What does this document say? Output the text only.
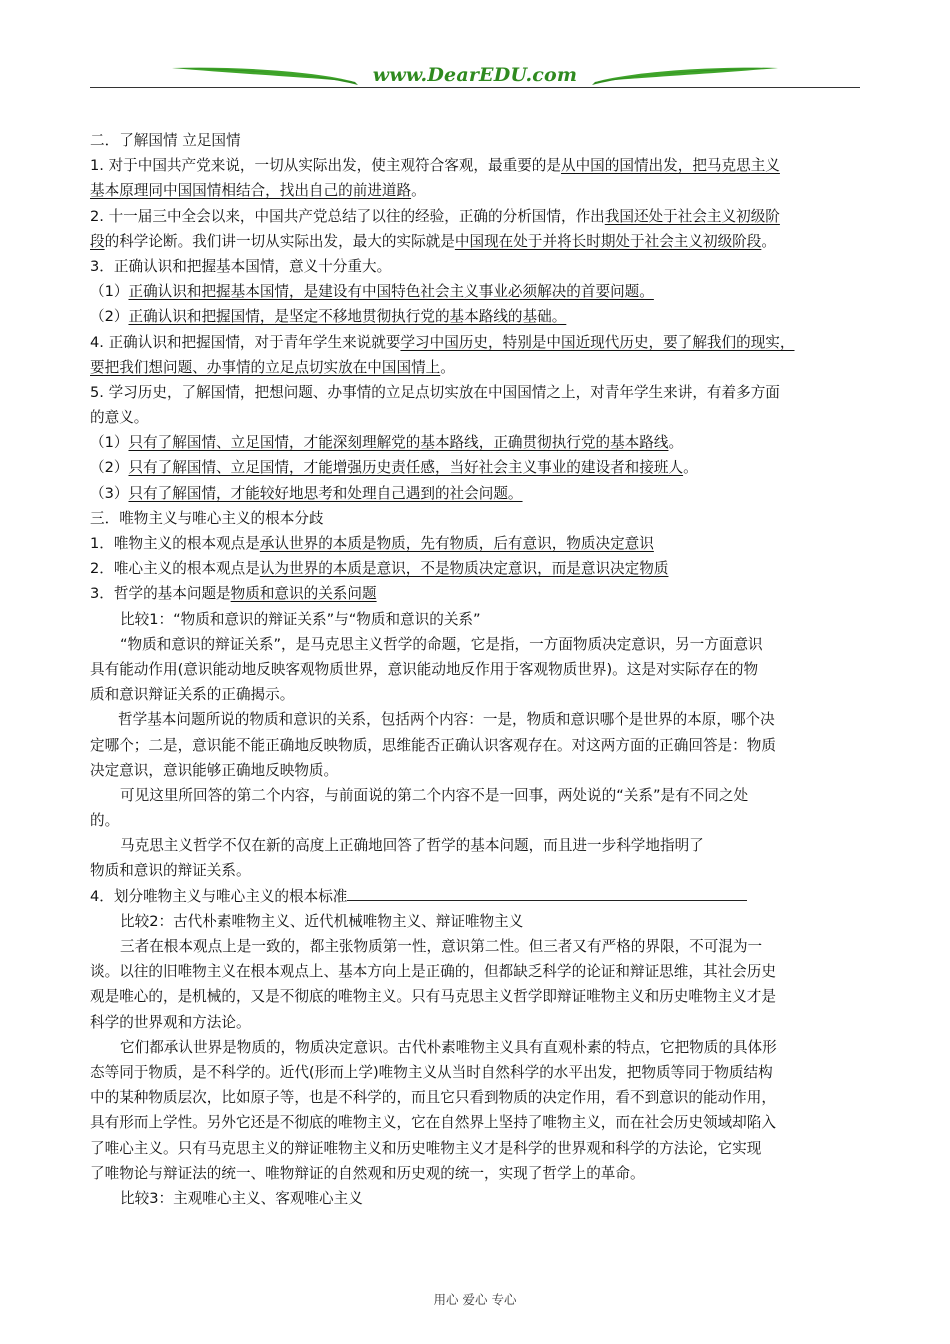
www.DearEDU.com
二．了解国情 立足国情
1. 对于中国共产党来说，一切从实际出发，使主观符合客观，最重要的是从中国的国情出发，把马克思主义
基本原理同中国国情相结合，找出自己的前进道路。
2. 十一届三中全会以来，中国共产党总结了以往的经验，正确的分析国情，作出我国还处于社会主义初级阶
段的科学论断。我们讲一切从实际出发，最大的实际就是中国现在处于并将长时期处于社会主义初级阶段。
3．正确认识和把握基本国情，意义十分重大。
（1）正确认识和把握基本国情，是建设有中国特色社会主义事业必须解决的首要问题。
（2）正确认识和把握国情，是坚定不移地贯彻执行党的基本路线的基础。
4. 正确认识和把握国情，对于青年学生来说就要学习中国历史，特别是中国近现代历史，要了解我们的现实，
要把我们想问题、办事情的立足点切实放在中国国情上。
5. 学习历史，了解国情，把想问题、办事情的立足点切实放在中国国情之上，对青年学生来讲，有着多方面
的意义。
（1）只有了解国情、立足国情，才能深刻理解党的基本路线，正确贯彻执行党的基本路线。
（2）只有了解国情、立足国情，才能增强历史责任感，当好社会主义事业的建设者和接班人。
（3）只有了解国情，才能较好地思考和处理自己遇到的社会问题。
三．唯物主义与唯心主义的根本分歧
1．唯物主义的根本观点是承认世界的本质是物质，先有物质，后有意识，物质决定意识
2．唯心主义的根本观点是认为世界的本质是意识，不是物质决定意识，而是意识决定物质
3．哲学的基本问题是物质和意识的关系问题
比较1：“物质和意识的辩证关系”与“物质和意识的关系”
“物质和意识的辩证关系”，是马克思主义哲学的命题，它是指，一方面物质决定意识，另一方面意识
具有能动作用(意识能动地反映客观物质世界，意识能动地反作用于客观物质世界)。这是对实际存在的物
质和意识辩证关系的正确揭示。
哲学基本问题所说的物质和意识的关系，包括两个内容：一是，物质和意识哪个是世界的本原，哪个决
定哪个；二是，意识能不能正确地反映物质，思维能否正确认识客观存在。对这两方面的正确回答是：物质
决定意识，意识能够正确地反映物质。
可见这里所回答的第二个内容，与前面说的第二个内容不是一回事，两处说的“关系”是有不同之处
的。
马克思主义哲学不仅在新的高度上正确地回答了哲学的基本问题，而且进一步科学地指明了
物质和意识的辩证关系。
4．划分唯物主义与唯心主义的根本标准
比较2：古代朴素唯物主义、近代机械唯物主义、辩证唯物主义
三者在根本观点上是一致的，都主张物质第一性，意识第二性。但三者又有严格的界限，不可混为一
谈。以往的旧唯物主义在根本观点上、基本方向上是正确的，但都缺乏科学的论证和辩证思维，其社会历史
观是唯心的，是机械的，又是不彻底的唯物主义。只有马克思主义哲学即辩证唯物主义和历史唯物主义才是
科学的世界观和方法论。
它们都承认世界是物质的，物质决定意识。古代朴素唯物主义具有直观朴素的特点，它把物质的具体形
态等同于物质，是不科学的。近代(形而上学)唯物主义从当时自然科学的水平出发，把物质等同于物质结构
中的某种物质层次，比如原子等，也是不科学的，而且它只看到物质的决定作用，看不到意识的能动作用，
具有形而上学性。另外它还是不彻底的唯物主义，它在自然界上坚持了唯物主义，而在社会历史领域却陷入
了唯心主义。只有马克思主义的辩证唯物主义和历史唯物主义才是科学的世界观和科学的方法论，它实现
了唯物论与辩证法的统一、唯物辩证的自然观和历史观的统一，实现了哲学上的革命。
比较3：主观唯心主义、客观唯心主义
用心 爱心 专心
